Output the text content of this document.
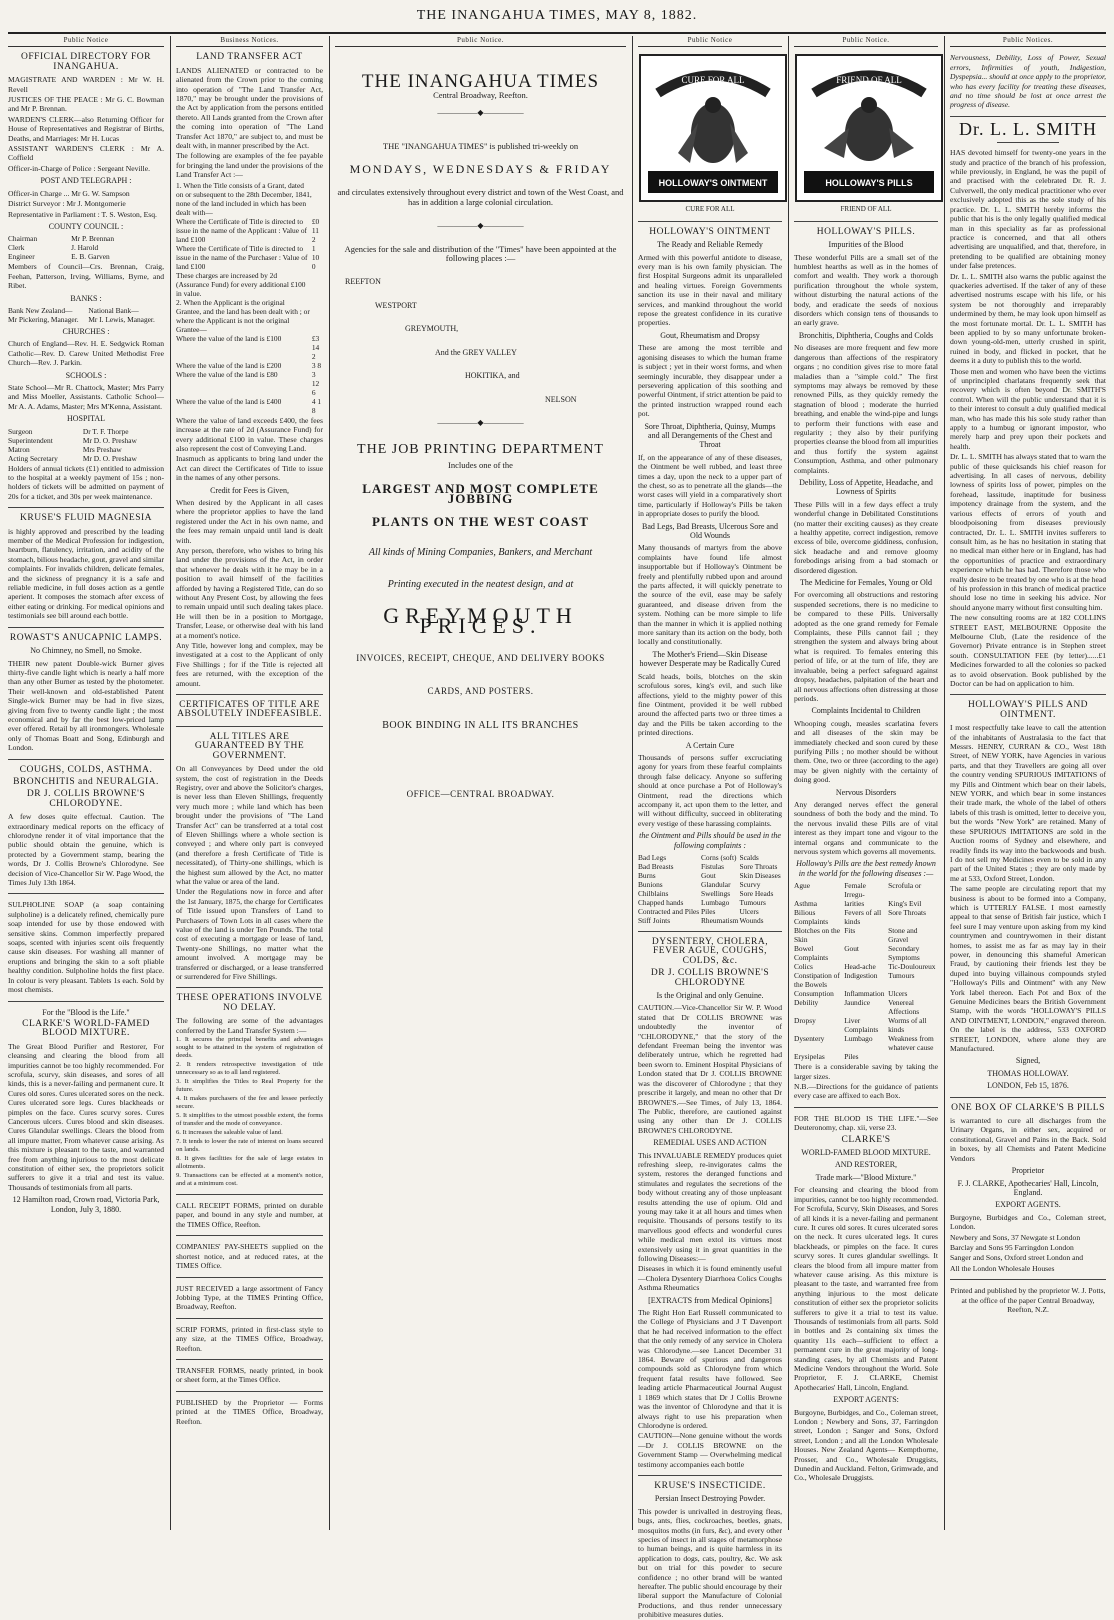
THE INANGAHUA TIMES, MAY 8, 1882.
Public Notice
OFFICIAL DIRECTORY FOR INANGAHUA.
MAGISTRATE AND WARDEN : Mr W. H. Revell
JUSTICES OF THE PEACE : Mr G. C. Bowman and Mr P. Brennan.
WARDEN'S CLERK—also Returning Officer for House of Representatives and Registrar of Births, Deaths, and Marriages: Mr H. Lucas
ASSISTANT WARDEN'S CLERK : Mr A. Coffield
Officer-in-Charge of Police : Sergeant Neville.
POST AND TELEGRAPH :
Officer-in Charge ... Mr G. W. Sampson
District Surveyor : Mr J. Montgomerie
Representative in Parliament : T. S. Weston, Esq.
COUNTY COUNCIL :
Chairman	Mr P. Brennan
Clerk	J. Harold
Engineer	E. B. Garven
Members of Council—Crs. Brennan, Craig, Feehan, Patterson, Irving, Williams, Byrne, and Ribet.
BANKS :
Bank New Zealand—	National Bank—
Mr Pickering, Manager.	Mr I. Lewis, Manager.
CHURCHES :
Church of England—Rev. H. E. Sedgwick Roman Catholic—Rev. D. Carew United Methodist Free Church—Rev. J. Parkin.
SCHOOLS :
State School—Mr R. Chattock, Master; Mrs Parry and Miss Moeller, Assistants. Catholic School—Mr A. A. Adams, Master; Mrs M'Kenna, Assistant.
HOSPITAL
Surgeon	Dr T. F. Thorpe
Superintendent	Mr D. O. Preshaw
Matron	Mrs Preshaw
Acting Secretary	Mr D. O. Preshaw
Holders of annual tickets (£1) entitled to admission to the hospital at a weekly payment of 15s ; non-holders of tickets will be admitted on payment of 20s for a ticket, and 30s per week maintenance.
KRUSE'S FLUID MAGNESIA
is highly approved and prescribed by the leading member of the Medical Profession for indigestion, heartburn, flatulency, irritation, and acidity of the stomach, bilious headache, gout, gravel and similar complaints. For invalids children, delicate females, and the sickness of pregnancy it is a safe and reliable medicine, in full doses action as a gentle aperient. It composes the stomach after excess of either eating or drinking. For medical opinions and testimonials see bill around each bottle.
ROWAST'S ANUCAPNIC LAMPS.
No Chimney, no Smell, no Smoke.
THEIR new patent Double-wick Burner gives thirty-five candle light which is nearly a half more than any other Burner as tested by the photometer. Their well-known and old-established Patent Single-wick Burner may be had in five sizes, giving from five to twenty candle light ; the most economical and by far the best low-priced lamp ever offered. Retail by all ironmongers. Wholesale only of Thomas Boatt and Song, Edinburgh and London.
COUGHS, COLDS, ASTHMA.
BRONCHITIS and NEURALGIA.
DR J. COLLIS BROWNE'S CHLORODYNE.
A few doses quite effectual. Caution. The extraordinary medical reports on the efficacy of chlorodyne render it of vital importance that the public should obtain the genuine, which is protected by a Government stamp, bearing the words, Dr J. Collis Browne's Chlorodyne. See decision of Vice-Chancellor Sir W. Page Wood, the Times July 13th 1864.
SULPHOLINE SOAP (a soap containing sulpholine) is a delicately refined, chemically pure soap intended for use by those endowed with sensitive skins. Common imperfectly prepared soaps, scented with injuries scent oils frequently cause skin diseases. For washing all manner of eruptions and bringing the skin to a soft pliable healthy condition. Sulpholine holds the first place. In colour is very pleasant. Tablets 1s each. Sold by most chemists.
For the "Blood is the Life."
CLARKE'S WORLD-FAMED BLOOD MIXTURE.
The Great Blood Purifier and Restorer, For cleansing and clearing the blood from all impurities cannot be too highly recommended. For scrofula, scurvy, skin diseases, and sores of all kinds, this is a never-failing and permanent cure. It Cures old sores. Cures ulcerated sores on the neck. Cures ulcerated sore legs. Cures blackheads or pimples on the face. Cures scurvy sores. Cures Cancerous ulcers. Cures blood and skin diseases. Cures Glandular swellings. Clears the blood from all impure matter, From whatever cause arising. As this mixture is pleasant to the taste, and warranted free from anything injurious to the most delicate constitution of either sex, the proprietors solicit sufferers to give it a trial and test its value. Thousands of testimonials from all parts.
12 Hamilton road, Crown road, Victoria Park, London, July 3, 1880.
Business Notices.
LAND TRANSFER ACT
LANDS ALIENATED or contracted to be alienated from the Crown prior to the coming into operation of "The Land Transfer Act, 1870," may be brought under the provisions of the Act by application from the persons entitled thereto. All Lands granted from the Crown after the coming into operation of "The Land Transfer Act 1870," are subject to, and must be dealt with, in manner prescribed by the Act.
The following are examples of the fee payable for bringing the land under the provisions of the Land Transfer Act :—
1. When the Title consists of a Grant, dated on or subsequent to the 28th December, 1841, none of the land included in which has been dealt with—	
Where the Certificate of Title is directed to issue in the name of the Applicant : Value of land £100	£0 11 2
Where the Certificate of Title is directed to issue in the name of the Purchaser : Value of land £100	1 10 0
These charges are increased by 2d (Assurance Fund) for every additional £100 in value.	
2. When the Applicant is the original Grantee, and the land has been dealt with ; or where the Applicant is not the original Grantee—	
Where the value of the land is £100	£3 14 2
Where the value of the land is £200	3 8
Where the value of the land is £80	3 12 6
Where the value of the land is £400	4 1 8
Where the value of land exceeds £400, the fees increase at the rate of 2d (Assurance Fund) for every additional £100 in value. These charges also represent the cost of Conveying Land.
Inasmuch as applicants to bring land under the Act can direct the Certificates of Title to issue in the names of any other persons.
Credit for Fees is Given,
When desired by the Applicant in all cases where the proprietor applies to have the land registered under the Act in his own name, and the fees may remain unpaid until land is dealt with.
Any person, therefore, who wishes to bring his land under the provisions of the Act, in order that whenever he deals with it he may be in a position to avail himself of the facilities afforded by having a Registered Title, can do so without Any Present Cost, by allowing the fees to remain unpaid until such dealing takes place. He will then be in a position to Mortgage, Transfer, Lease, or otherwise deal with his land at a moment's notice.
Any Title, however long and complex, may be investigated at a cost to the Applicant of only Five Shillings ; for if the Title is rejected all fees are returned, with the exception of the amount.
CERTIFICATES OF TITLE ARE ABSOLUTELY INDEFEASIBLE.
ALL TITLES ARE GUARANTEED BY THE GOVERNMENT.
On all Conveyances by Deed under the old system, the cost of registration in the Deeds Registry, over and above the Solicitor's charges, is never less than Eleven Shillings, frequently very much more ; while land which has been brought under the provisions of "The Land Transfer Act" can be transferred at a total cost of Eleven Shillings where a whole section is conveyed ; and where only part is conveyed (and therefore a fresh Certificate of Title is necessitated), of Thirty-one shillings, which is the highest sum allowed by the Act, no matter what the value or area of the land.
Under the Regulations now in force and after the 1st January, 1875, the charge for Certificates of Title issued upon Transfers of Land to Purchasers of Town Lots in all cases where the value of the land is under Ten Pounds. The total cost of executing a mortgage or lease of land, Twenty-one Shillings, no matter what the amount involved. A mortgage may be transferred or discharged, or a lease transferred or surrendered for Five Shillings.
THESE OPERATIONS INVOLVE NO DELAY.
The following are some of the advantages conferred by the Land Transfer System :—
1. It secures the principal benefits and advantages sought to be attained in the system of registration of deeds.
2. It renders retrospective investigation of title unnecessary so as to all land registered.
3. It simplifies the Titles to Real Property for the future.
4. It makes purchasers of the fee and lessee perfectly secure.
5. It simplifies to the utmost possible extent, the forms of transfer and the mode of conveyance.
6. It increases the saleable value of land.
7. It tends to lower the rate of interest on loans secured on lands.
8. It gives facilities for the sale of large estates in allotments.
9. Transactions can be effected at a moment's notice, and at a minimum cost.
CALL RECEIPT FORMS, printed on durable paper, and bound in any style and number, at the TIMES Office, Reefton.
COMPANIES' PAY-SHEETS supplied on the shortest notice, and at reduced rates, at the TIMES Office.
JUST RECEIVED a large assortment of Fancy Jobbing Type, at the TIMES Printing Office, Broadway, Reefton.
SCRIP FORMS, printed in first-class style to any size, at the TIMES Office, Broadway, Reefton.
TRANSFER FORMS, neatly printed, in book or sheet form, at the Times Office.
PUBLISHED by the Proprietor — Forms printed at the TIMES Office, Broadway, Reefton.
Public Notice.
THE INANGAHUA TIMES
Central Broadway, Reefton.
—————◆—————
THE "INANGAHUA TIMES" is published tri-weekly on
MONDAYS, WEDNESDAYS & FRIDAY
and circulates extensively throughout every district and town of the West Coast, and has in addition a large colonial circulation.
—————◆—————
Agencies for the sale and distribution of the "Times" have been appointed at the following places :—
REEFTON
WESTPORT
GREYMOUTH,
And the GREY VALLEY
HOKITIKA, and
NELSON
—————◆—————
THE JOB PRINTING DEPARTMENT
Includes one of the
LARGEST AND MOST COMPLETE JOBBING
PLANTS ON THE WEST COAST
All kinds of Mining Companies, Bankers, and Merchant
Printing executed in the neatest design, and at
GREYMOUTH PRICES.
INVOICES, RECEIPT, CHEQUE, AND DELIVERY BOOKS
CARDS, AND POSTERS.
BOOK BINDING IN ALL ITS BRANCHES
OFFICE—CENTRAL BROADWAY.
Public Notice
CURE FOR ALL
HOLLOWAY'S OINTMENT
CURE FOR ALL
HOLLOWAY'S OINTMENT
The Ready and Reliable Remedy
Armed with this powerful antidote to disease, every man is his own family physician. The first Hospital Surgeons admit its unparalleled and healing virtues. Foreign Governments sanction its use in their naval and military services, and mankind throughout the world repose the greatest confidence in its curative properties.
Gout, Rheumatism and Dropsy
These are among the most terrible and agonising diseases to which the human frame is subject ; yet in their worst forms, and when seemingly incurable, they disappear under a persevering application of this soothing and powerful Ointment, if strict attention be paid to the printed instruction wrapped round each pot.
Sore Throat, Diphtheria, Quinsy, Mumps and all Derangements of the Chest and Throat
If, on the appearance of any of these diseases, the Ointment be well rubbed, and least three times a day, upon the neck to a upper part of the chest, so as to penetrate all the glands—the worst cases will yield in a comparatively short time, particularly if Holloway's Pills be taken in appropriate doses to purify the blood.
Bad Legs, Bad Breasts, Ulcerous Sore and Old Wounds
Many thousands of martyrs from the above complaints have found life almost insupportable but if Holloway's Ointment be freely and plentifully rubbed upon and around the parts affected, it will quickly penetrate to the source of the evil, ease may be safely guaranteed, and disease driven from the system. Nothing can be more simple to life than the manner in which it is applied nothing more sanitary than its action on the body, both locally and constitutionally.
The Mother's Friend—Skin Disease however Desperate may be Radically Cured
Scald heads, boils, blotches on the skin scrofulous sores, king's evil, and such like affections, yield to the mighty power of this fine Ointment, provided it be well rubbed around the affected parts two or three times a day and the Pills be taken according to the printed directions.
A Certain Cure
Thousands of persons suffer excruciating agony for years from these fearful complaints through false delicacy. Anyone so suffering should at once purchase a Pot of Holloway's Ointment, read the directions which accompany it, act upon them to the letter, and will without difficulty, succeed in obliterating every vestige of these harassing complaints.
the Ointment and Pills should be used in the following complaints :
Bad Legs	Corns (soft)	Scalds
Bad Breasts	Fistulas	Sore Throats
Burns	Gout	Skin Diseases
Bunions	Glandular	Scurvy
Chilblains	Swellings	Sore Heads
Chapped hands	Lumbago	Tumours
Contracted and Piles	Piles	Ulcers
Stiff Joints	Rheumatism	Wounds
DYSENTERY, CHOLERA, FEVER AGUE, COUGHS, COLDS, &c.
DR J. COLLIS BROWNE'S CHLORODYNE
Is the Original and only Genuine.
CAUTION.—Vice-Chancellor Sir W. P. Wood stated that Dr COLLIS BROWNE was undoubtedly the inventor of "CHLORODYNE," that the story of the defendant Freeman being the inventor was deliberately untrue, which he regretted had been sworn to. Eminent Hospital Physicians of London stated that Dr J. COLLIS BROWNE was the discoverer of Chlorodyne ; that they prescribe it largely, and mean no other that Dr BROWNE'S.—See Times, of July 13, 1864. The Public, therefore, are cautioned against using any other than Dr J. COLLIS BROWNE'S CHLORODYNE.
REMEDIAL USES AND ACTION
This INVALUABLE REMEDY produces quiet refreshing sleep, re-invigorates calms the system, restores the deranged functions and stimulates and regulates the secretions of the body without creating any of those unpleasant results attending the use of opium. Old and young may take it at all hours and times when requisite. Thousands of persons testify to its marvellous good effects and wonderful cures while medical men extol its virtues most extensively using it in great quantities in the following Diseases:—
Diseases in which it is found eminently useful—Cholera Dysentery Diarrhoea Colics Coughs Asthma Rheumatics
[EXTRACTS from Medical Opinions]
The Right Hon Earl Russell communicated to the College of Physicians and J T Davenport that he had received information to the effect that the only remedy of any service in Cholera was Chlorodyne.—see Lancet December 31 1864. Beware of spurious and dangerous compounds sold as Chlorodyne from which frequent fatal results have followed. See leading article Pharmaceutical Journal August 1 1869 which states that Dr J Collis Browne was the inventor of Chlorodyne and that it is always right to use his preparation when Chlorodyne is ordered.
CAUTION—None genuine without the words—Dr J. COLLIS BROWNE on the Government Stamp — Overwhelming medical testimony accompanies each bottle
KRUSE'S INSECTICIDE.
Persian Insect Destroying Powder.
This powder is unrivalled in destroying fleas, bugs, ants, flies, cockroaches, beetles, gnats, mosquitos moths (in furs, &c), and every other species of insect in all stages of metamorphose to human beings, and is quite harmless in its application to dogs, cats, poultry, &c. We ask but on trial for this powder to secure confidence ; no other brand will be wanted hereafter. The public should encourage by their liberal support the Manufacture of Colonial Productions, and thus render unnecessary prohibitive measures duties.
Public Notice.
FRIEND OF ALL
HOLLOWAY'S PILLS
FRIEND OF ALL
HOLLOWAY'S PILLS.
Impurities of the Blood
These wonderful Pills are a small set of the humblest hearths as well as in the homes of comfort and wealth. They work a thorough purification throughout the whole system, without disturbing the natural actions of the body, and eradicate the seeds of noxious disorders which consign tens of thousands to an early grave.
Bronchitis, Diphtheria, Coughs and Colds
No diseases are more frequent and few more dangerous than affections of the respiratory organs ; no condition gives rise to more fatal maladies than a "simple cold." The first symptoms may always be removed by these renowned Pills, as they quickly remedy the stagnation of blood ; moderate the hurried breathing, and enable the wind-pipe and lungs to perform their functions with ease and regularity ; they also by their purifying properties cleanse the blood from all impurities and thus fortify the system against Consumption, Asthma, and other pulmonary complaints.
Debility, Loss of Appetite, Headache, and Lowness of Spirits
These Pills will in a few days effect a truly wonderful change in Debilitated Constitutions (no matter their exciting causes) as they create a healthy appetite, correct indigestion, remove excess of bile, overcome giddiness, confusion, sick headache and and remove gloomy forebodings arising from a bad stomach or disordered digestion.
The Medicine for Females, Young or Old
For overcoming all obstructions and restoring suspended secretions, there is no medicine to be compared to these Pills. Universally adopted as the one grand remedy for Female Complaints, these Pills cannot fail ; they strengthen the system and always bring about what is required. To females entering this period of life, or at the turn of life, they are invaluable, being a perfect safeguard against dropsy, headaches, palpitation of the heart and all nervous affections often distressing at those periods.
Complaints Incidental to Children
Whooping cough, measles scarlatina fevers and all diseases of the skin may be immediately checked and soon cured by these purifying Pills ; no mother should be without them. One, two or three (according to the age) may be given nightly with the certainty of doing good.
Nervous Disorders
Any deranged nerves effect the general soundness of both the body and the mind. To the nervous invalid these Pills are of vital interest as they impart tone and vigour to the internal organs and communicate to the nervous system which governs all movements.
Holloway's Pills are the best remedy known in the world for the following diseases :—
Ague	Female Irregu-	Scrofula or
Asthma	larities	King's Evil
Bilious Complaints	Fevers of all kinds	Sore Throats
Blotches on the Skin	Fits	Stone and Gravel
Bowel Complaints	Gout	Secondary Symptoms
Colics	Head-ache	Tic-Douloureux
Constipation of the Bowels	Indigestion	Tumours
Consumption	Inflammation	Ulcers
Debility	Jaundice	Venereal Affections
Dropsy	Liver Complaints	Worms of all kinds
Dysentery	Lumbago	Weakness from whatever cause
Erysipelas	Piles	
There is a considerable saving by taking the larger sizes.
N.B.—Directions for the guidance of patients every case are affixed to each Box.
FOR THE BLOOD IS THE LIFE."—See Deuteronomy, chap. xii, verse 23.
CLARKE'S
WORLD-FAMED BLOOD MIXTURE.
AND RESTORER,
Trade mark—"Blood Mixture."
For cleansing and clearing the blood from impurities, cannot be too highly recommended. For Scrofula, Scurvy, Skin Diseases, and Sores of all kinds it is a never-failing and permanent cure. It cures old sores. It cures ulcerated sores on the neck. It cures ulcerated legs. It cures blackheads, or pimples on the face. It cures scurvy sores. It cures glandular swellings. It clears the blood from all impure matter from whatever cause arising. As this mixture is pleasant to the taste, and warranted free from anything injurious to the most delicate constitution of either sex the proprietor solicits sufferers to give it a trial to test its value. Thousands of testimonials from all parts. Sold in bottles and 2s containing six times the quantity 11s each—sufficient to effect a permanent cure in the great majority of long-standing cases, by all Chemists and Patent Medicine Vendors throughout the World. Sole Proprietor, F. J. CLARKE, Chemist Apothecaries' Hall, Lincoln, England.
EXPORT AGENTS:
Burgoyne, Burbidges, and Co., Coleman street, London ; Newbery and Sons, 37, Farringdon street, London ; Sanger and Sons, Oxford street, London ; and all the London Wholesale Houses. New Zealand Agents— Kempthorne, Prosser, and Co., Wholesale Druggists, Dunedin and Auckland. Felton, Grimwade, and Co., Wholesale Druggists.
Public Notices.
Nervousness, Debility, Loss of Power, Sexual errors, Infirmities of youth, Indigestion, Dyspepsia... should at once apply to the proprietor, who has every facility for treating these diseases, and no time should be lost at once arrest the progress of disease.
Dr. L. L. SMITH
HAS devoted himself for twenty-one years in the study and practice of the branch of his profession, while previously, in England, he was the pupil of and practised with the celebrated Dr. R. J. Culverwell, the only medical practitioner who ever exclusively adopted this as the sole study of his practice. Dr. L. L. SMITH hereby informs the public that his is the only legally qualified medical man in this speciality as far as professional practice is concerned, and that all others advertising are unqualified, and that, therefore, in pretending to be qualified are obtaining money under false pretences.
Dr. L. L. SMITH also warns the public against the quackeries advertised. If the taker of any of these advertised nostrums escape with his life, or his system be not thoroughly and irreparably undermined by them, he may look upon himself as the most fortunate mortal. Dr. L. L. SMITH has been applied to by so many unfortunate broken-down young-old-men, utterly crushed in spirit, ruined in body, and flicked in pocket, that he deems it a duty to publish this to the world.
Those men and women who have been the victims of unprincipled charlatans frequently seek that recovery which is often beyond Dr. SMITH'S control. When will the public understand that it is to their interest to consult a duly qualified medical man, who has made this his sole study rather than apply to a humbug or ignorant impostor, who merely harp and prey upon their pockets and health.
Dr. L. L. SMITH has always stated that to warn the public of these quicksands his chief reason for advertising. In all cases of nervous, debility lowness of spirits loss of power, pimples on the forehead, lassitude, inaptitude for business impotency drainage from the system, and the various effects of errors of youth and bloodpoisoning from diseases previously contracted, Dr. L. L. SMITH invites sufferers to consult him, as he has no hesitation in stating that no medical man either here or in England, has had the opportunities of practice and extraordinary experience which he has had. Therefore those who really desire to be treated by one who is at the head of his profession in this branch of medical practice should lose no time in seeking his advice. Nor should anyone marry without first consulting him.
The new consulting rooms are at 182 COLLINS STREET EAST, MELBOURNE Opposite the Melbourne Club, (Late the residence of the Governor) Private entrance is in Stephen street south. CONSULTATION FEE (by letter)......£1 Medicines forwarded to all the colonies so packed as to avoid observation. Book published by the Doctor can be had on application to him.
HOLLOWAY'S PILLS AND OINTMENT.
I most respectfully take leave to call the attention of the inhabitants of Australasia to the fact that Messrs. HENRY, CURRAN & CO., West 18th Street, of NEW YORK, have Agencies in various parts, and that they Travellers are going all over the country vending SPURIOUS IMITATIONS of my Pills and Ointment which bear on their labels, NEW YORK, and which bear in some instances their trade mark, the whole of the label of others labels of this trash is omitted, letter to deceive you, but the words "New York" are retained. Many of these SPURIOUS IMITATIONS are sold in the Auction rooms of Sydney and elsewhere, and readily finds its way into the backwoods and bush. I do not sell my Medicines even to be sold in any part of the United States ; they are only made by me at 533, Oxford Street, London.
The same people are circulating report that my business is about to be formed into a Company, which is UTTERLY FALSE. I most earnestly appeal to that sense of British fair justice, which I feel sure I may venture upon asking from my kind countrymen and countrywomen in their distant homes, to assist me as far as may lay in their power, in denouncing this shameful American Fraud, by cautioning their friends lest they be duped into buying villainous compounds styled "Holloway's Pills and Ointment" with any New York label thereon. Each Pot and Box of the Genuine Medicines bears the British Government Stamp, with the words "HOLLOWAY'S PILLS AND OINTMENT, LONDON," engraved thereon. On the label is the address, 533 OXFORD STREET, LONDON, where alone they are Manufactured.
Signed,
THOMAS HOLLOWAY.
LONDON, Feb 15, 1876.
ONE BOX OF CLARKE'S B PILLS
is warranted to cure all discharges from the Urinary Organs, in either sex, acquired or constitutional, Gravel and Pains in the Back. Sold in boxes, by all Chemists and Patent Medicine Vendors
Proprietor
F. J. CLARKE, Apothecaries' Hall, Lincoln, England.
EXPORT AGENTS.
Burgoyne, Burbidges and Co., Coleman street, London.
Newbery and Sons, 37 Newgate st London
Barclay and Sons 95 Farringdon London
Sanger and Sons, Oxford street London and
All the London Wholesale Houses
Printed and published by the proprietor W. J. Potts, at the office of the paper Central Broadway, Reefton, N.Z.
